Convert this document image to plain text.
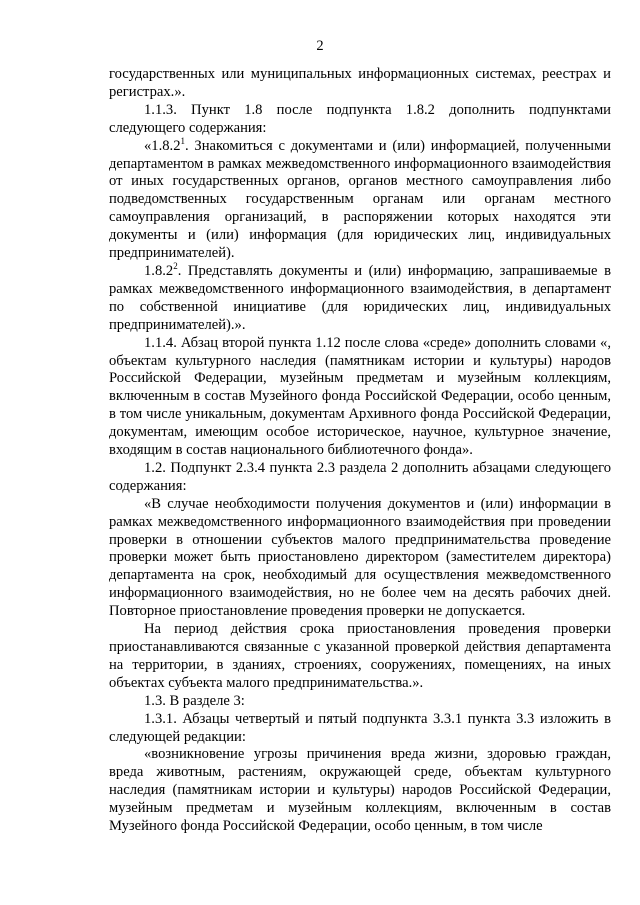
2

государственных или муниципальных информационных системах, реестрах и регистрах.».

1.1.3. Пункт 1.8 после подпункта 1.8.2 дополнить подпунктами следующего содержания:

«1.8.2$^1$. Знакомиться с документами и (или) информацией, полученными департаментом в рамках межведомственного информационного взаимодействия от иных государственных органов, органов местного самоуправления либо подведомственных государственным органам или органам местного самоуправления организаций, в распоряжении которых находятся эти документы и (или) информация (для юридических лиц, индивидуальных предпринимателей).

1.8.2$^2$. Представлять документы и (или) информацию, запрашиваемые в рамках межведомственного информационного взаимодействия, в департамент по собственной инициативе (для юридических лиц, индивидуальных предпринимателей).».

1.1.4. Абзац второй пункта 1.12 после слова «среде» дополнить словами «, объектам культурного наследия (памятникам истории и культуры) народов Российской Федерации, музейным предметам и музейным коллекциям, включенным в состав Музейного фонда Российской Федерации, особо ценным, в том числе уникальным, документам Архивного фонда Российской Федерации, документам, имеющим особое историческое, научное, культурное значение, входящим в состав национального библиотечного фонда».

1.2. Подпункт 2.3.4 пункта 2.3 раздела 2 дополнить абзацами следующего содержания:

«В случае необходимости получения документов и (или) информации в рамках межведомственного информационного взаимодействия при проведении проверки в отношении субъектов малого предпринимательства проведение проверки может быть приостановлено директором (заместителем директора) департамента на срок, необходимый для осуществления межведомственного информационного взаимодействия, но не более чем на десять рабочих дней. Повторное приостановление проведения проверки не допускается.

На период действия срока приостановления проведения проверки приостанавливаются связанные с указанной проверкой действия департамента на территории, в зданиях, строениях, сооружениях, помещениях, на иных объектах субъекта малого предпринимательства.».

1.3. В разделе 3:

1.3.1. Абзацы четвертый и пятый подпункта 3.3.1 пункта 3.3 изложить в следующей редакции:

«возникновение угрозы причинения вреда жизни, здоровью граждан, вреда животным, растениям, окружающей среде, объектам культурного наследия (памятникам истории и культуры) народов Российской Федерации, музейным предметам и музейным коллекциям, включенным в состав Музейного фонда Российской Федерации, особо ценным, в том числе
